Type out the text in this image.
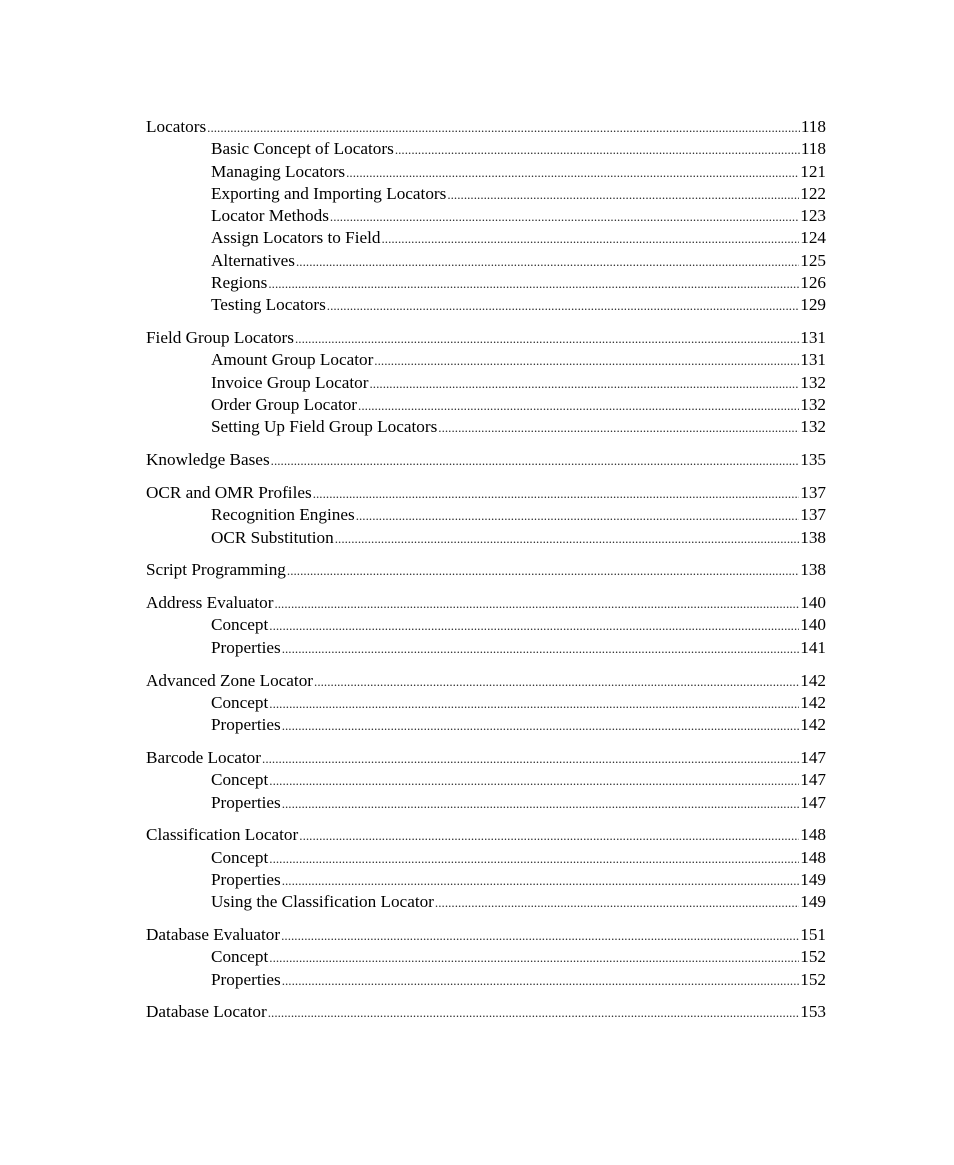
Locators . . .	118
Basic Concept of Locators . . .	118
Managing Locators . . .	121
Exporting and Importing Locators . . .	122
Locator Methods . . .	123
Assign Locators to Field . . .	124
Alternatives . . .	125
Regions . . .	126
Testing Locators . . .	129
Field Group Locators . . .	131
Amount Group Locator . . .	131
Invoice Group Locator . . .	132
Order Group Locator . . .	132
Setting Up Field Group Locators . . .	132
Knowledge Bases . . .	135
OCR and OMR Profiles . . .	137
Recognition Engines . . .	137
OCR Substitution . . .	138
Script Programming . . .	138
Address Evaluator . . .	140
Concept . . .	140
Properties . . .	141
Advanced Zone Locator . . .	142
Concept . . .	142
Properties . . .	142
Barcode Locator . . .	147
Concept . . .	147
Properties . . .	147
Classification Locator . . .	148
Concept . . .	148
Properties . . .	149
Using the Classification Locator . . .	149
Database Evaluator . . .	151
Concept . . .	152
Properties . . .	152
Database Locator . . .	153
